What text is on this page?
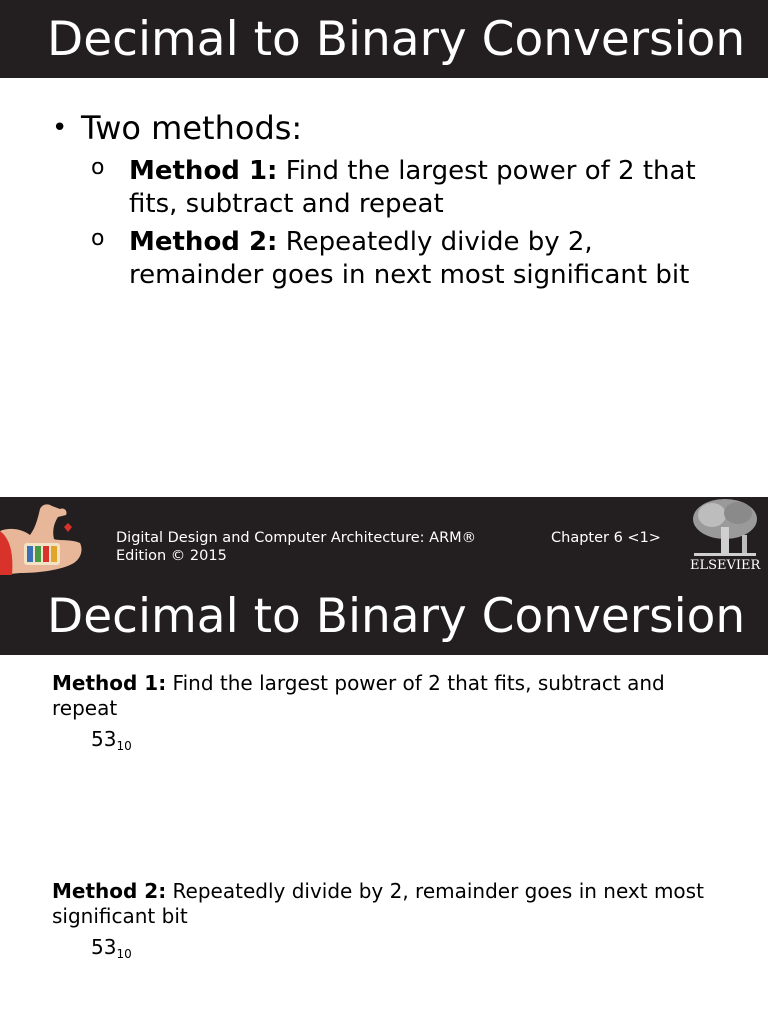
Decimal to Binary Conversion
• Two methods:
o Method 1: Find the largest power of 2 that fits, subtract and repeat
o Method 2: Repeatedly divide by 2, remainder goes in next most significant bit
Digital Design and Computer Architecture: ARM® Edition © 2015
Chapter 6 <1>
ELSEVIER
Decimal to Binary Conversion
Method 1: Find the largest power of 2 that fits, subtract and repeat
$53_{10}$
Method 2: Repeatedly divide by 2, remainder goes in next most significant bit
$53_{10}$
